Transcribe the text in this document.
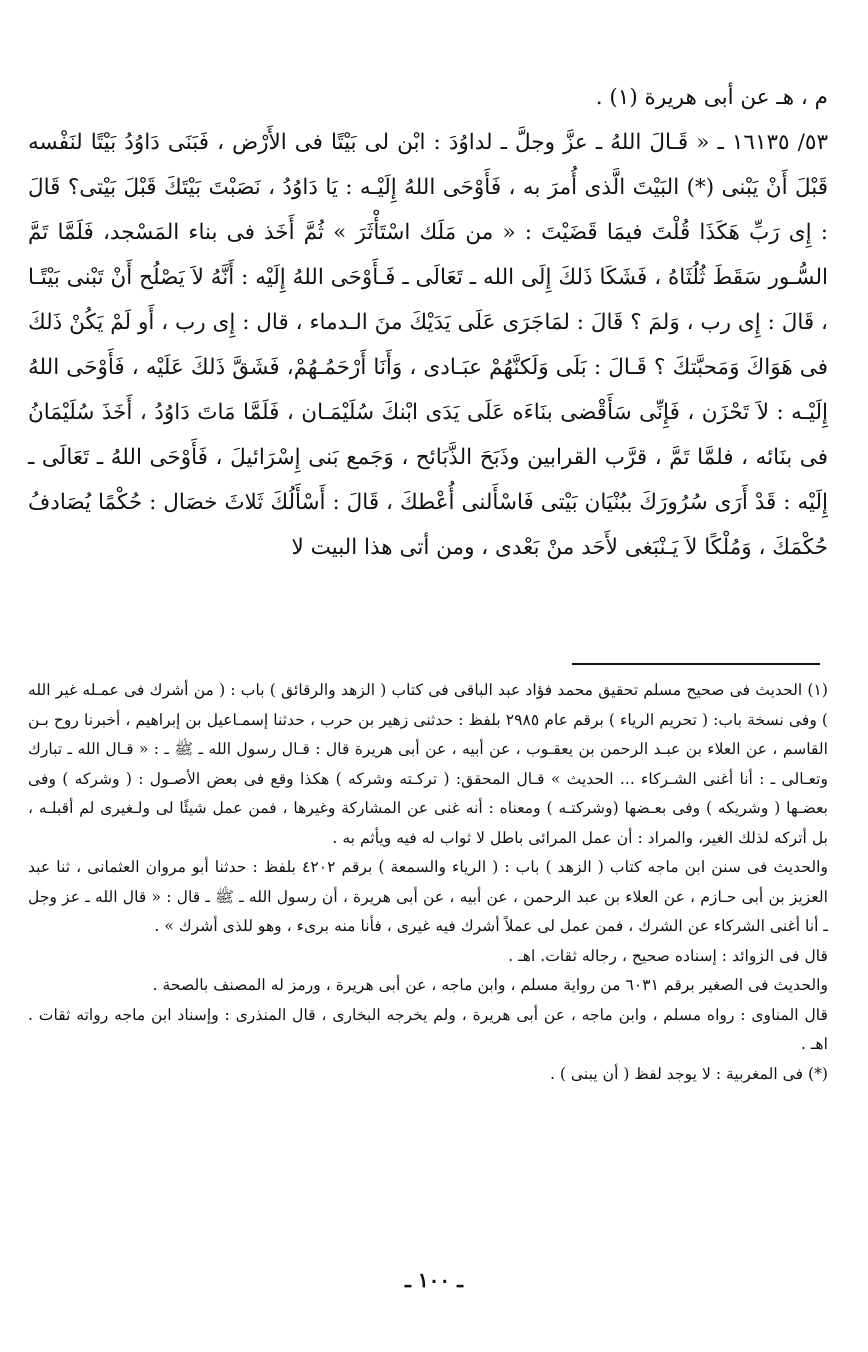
م ، هـ عن أبى هريرة (١) .

٥٣/ ١٦١٣٥ ـ « قَـالَ اللهُ ـ عزَّ وجلَّ ـ لداوُدَ : ابْن لى بَيْتًا فى الأَرْض ، فَبَنَى دَاوُدُ بَيْتًا لنَفْسه قَبْلَ أَنْ يَبْنى (*) البَيْتَ الَّذى أُمرَ به ، فَأَوْحَى اللهُ إِلَيْـه : يَا دَاوُدُ ، نَصَبْتَ بَيْتَكَ قَبْلَ بَيْتى؟ قَالَ : إِى رَبِّ هَكَذَا قُلْتَ فيمَا قَضَيْتَ : « من مَلَك اسْتَأْثَرَ » ثُمَّ أَخَذ فى بناء المَسْجد، فَلَمَّا تَمَّ السُّـور سَقَطَ ثُلُثَاهُ ، فَشَكَا ذَلكَ إِلَى الله ـ تَعَالَى ـ فَـأَوْحَى اللهُ إِلَيْه : أَنَّهُ لاَ يَصْلُح أَنْ تَبْنى بَيْتًـا ، قَالَ : إِى رب ، وَلمَ ؟ قَالَ : لمَاجَرَى عَلَى يَدَيْكَ منَ الـدماء ، قال : إِى رب ، أَو لَمْ يَكُنْ ذَلكَ فى هَوَاكَ وَمَحبَّتكَ ؟ قَـالَ : بَلَى وَلَكنَّهُمْ عبَـادى ، وَأَنَا أَرْحَمُـهُمْ، فَشَقَّ ذَلكَ عَلَيْه ، فَأَوْحَى اللهُ إِلَيْـه : لاَ تَحْزَن ، فَإِنِّى سَأَقْضى بنَاءَه عَلَى يَدَى ابْنكَ سُلَيْمَـان ، فَلَمَّا مَاتَ دَاوُدُ ، أَخَذَ سُلَيْمَانُ فى بنَائه ، فلمَّا تَمَّ ، قرَّب القرابين وذَبَحَ الذَّبَائح ، وَجَمع بَنى إِسْرَائيلَ ، فَأَوْحَى اللهُ ـ تَعَالَى ـ إِلَيْه : قَدْ أَرَى سُرُورَكَ ببُنْيَان بَيْتى فَاسْأَلنى أُعْطكَ ، قَالَ : أَسْأَلُكَ ثَلاثَ خصَال : حُكْمًا يُصَادفُ حُكْمَكَ ، وَمُلْكًا لاَ يَـنْبَغى لأَحَد منْ بَعْدى ، ومن أتى هذا البيت لا

(١) الحديث فى صحيح مسلم تحقيق محمد فؤاد عبد الباقى فى كتاب ( الزهد والرقائق ) باب : ( من أشرك فى عمـله غير الله ) وفى نسخة باب: ( تحريم الرياء ) برقم عام ٢٩٨٥ بلفظ : حدثنى زهير بن حرب ، حدثنا إسمـاعيل بن إبراهيم ، أخبرنا روح بـن القاسم ، عن العلاء بن عبـد الرحمن بن يعقـوب ، عن أبيه ، عن أبى هريرة قال : قـال رسول الله ـ ﷺ ـ : « قـال الله ـ تبارك وتعـالى ـ : أنا أغنى الشـركاء ... الحديث » قـال المحقق: ( تركـته وشركه ) هكذا وقع فى بعض الأصـول : ( وشركه ) وفى بعضـها ( وشريكه ) وفى بعـضها (وشركتـه ) ومعناه : أنه غنى عن المشاركة وغيرها ، فمن عمل شيئًا لى ولـغيرى لم أقبلـه ، بل أتركه لذلك الغير، والمراد : أن عمل المرائى باطل لا ثواب له فيه ويأثم به .

والحديث فى سنن ابن ماجه كتاب ( الزهد ) باب : ( الرياء والسمعة ) برقم ٤٢٠٢ بلفظ : حدثنا أبو مروان العثمانى ، ثنا عبد العزيز بن أبى حـازم ، عن العلاء بن عبد الرحمن ، عن أبيه ، عن أبى هريرة ، أن رسول الله ـ ﷺ ـ قال : « قال الله ـ عز وجل ـ أنا أغنى الشركاء عن الشرك ، فمن عمل لى عملاً أشرك فيه غيرى ، فأنا منه برىء ، وهو للذى أشرك » .

قال فى الزوائد : إسناده صحيح ، رجاله ثقات. اهـ .

والحديث فى الصغير برقم ٦٠٣١ من رواية مسلم ، وابن ماجه ، عن أبى هريرة ، ورمز له المصنف بالصحة .

قال المناوى : رواه مسلم ، وابن ماجه ، عن أبى هريرة ، ولم يخرجه البخارى ، قال المنذرى : وإسناد ابن ماجه رواته ثقات . اهـ .

(*) فى المغربية : لا يوجد لفظ ( أن يبنى ) .

ـ ١٠٠ ـ
